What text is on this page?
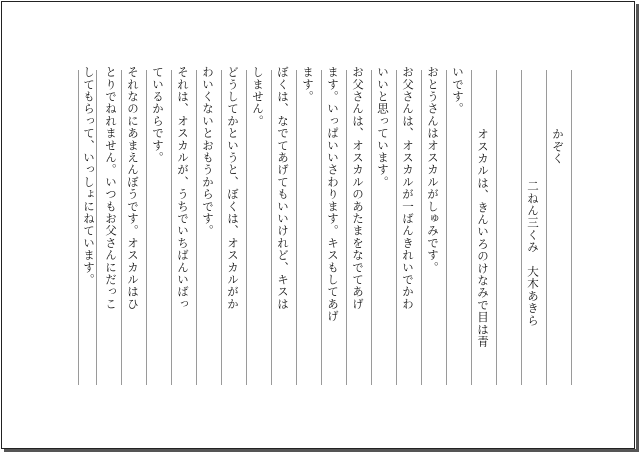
かぞく
二ねん三くみ　大木あきら
オスカルは、きんいろのけなみで目は青
いです。
おとうさんはオスカルがしゅみです。
お父さんは、オスカルが一ばんきれいでかわ
いいと思っています。
お父さんは、オスカルのあたまをなでてあげ
ます。いっぱいいさわります。キスもしてあげ
ます。
ぼくは、なでてあげてもいいけれど、キスは
しません。
どうしてかというと、ぼくは、オスカルがか
わいくないとおもうからです。
それは、オスカルが、うちでいちばんいばっ
ているからです。
それなのにあまえんぼうです。オスカルはひ
とりでねれません。いつもお父さんにだっこ
してもらって、いっしょにねています。
